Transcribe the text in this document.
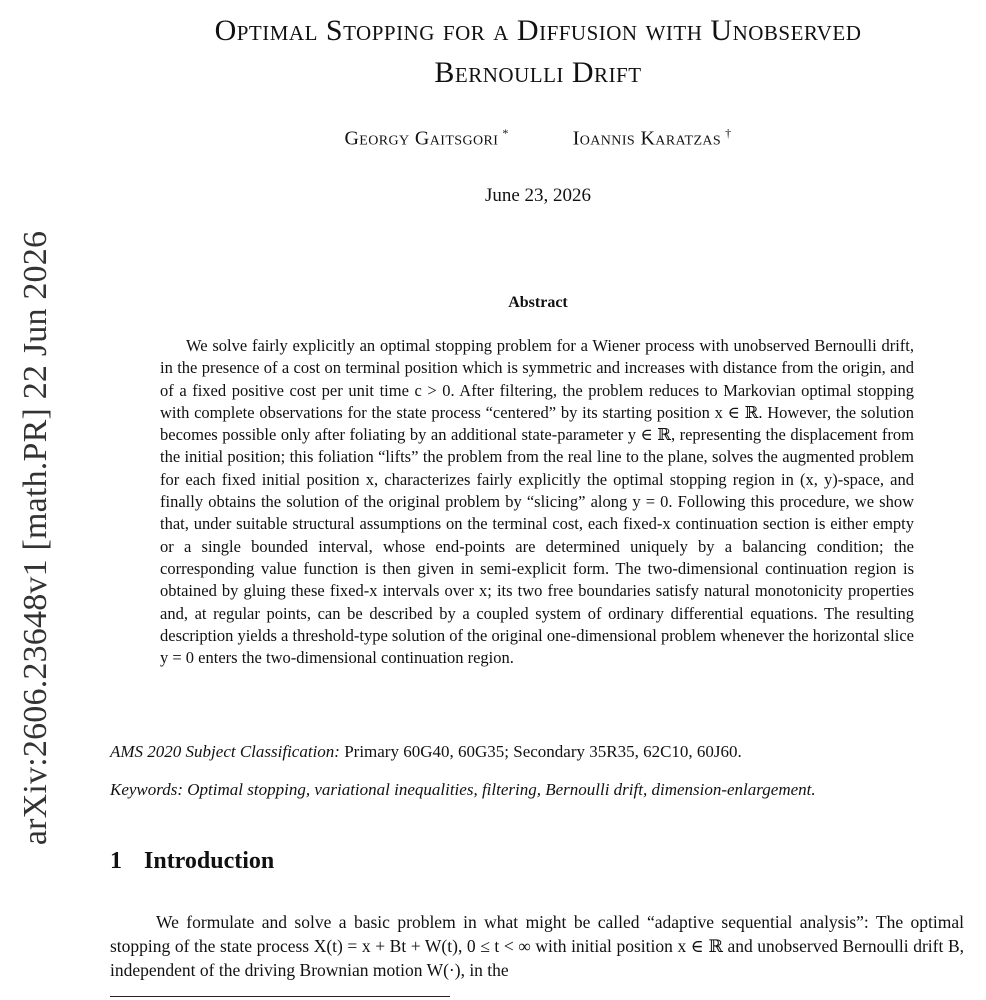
arXiv:2606.23648v1 [math.PR] 22 Jun 2026
Optimal Stopping for a Diffusion with Unobserved
Bernoulli Drift
Georgy Gaitsgori *	Ioannis Karatzas †
June 23, 2026
Abstract

We solve fairly explicitly an optimal stopping problem for a Wiener process with unobserved Bernoulli drift, in the presence of a cost on terminal position which is symmetric and increases with distance from the origin, and of a fixed positive cost per unit time c > 0. After filtering, the problem reduces to Markovian optimal stopping with complete observations for the state process “centered” by its starting position x ∈ ℝ. However, the solution becomes possible only after foliating by an additional state-parameter y ∈ ℝ, representing the displacement from the initial position; this foliation “lifts” the problem from the real line to the plane, solves the augmented problem for each fixed initial position x, characterizes fairly explicitly the optimal stopping region in (x, y)-space, and finally obtains the solution of the original problem by “slicing” along y = 0. Following this procedure, we show that, under suitable structural assumptions on the terminal cost, each fixed-x continuation section is either empty or a single bounded interval, whose end-points are determined uniquely by a balancing condition; the corresponding value function is then given in semi-explicit form. The two-dimensional continuation region is obtained by gluing these fixed-x intervals over x; its two free boundaries satisfy natural monotonicity properties and, at regular points, can be described by a coupled system of ordinary differential equations. The resulting description yields a threshold-type solution of the original one-dimensional problem whenever the horizontal slice y = 0 enters the two-dimensional continuation region.

AMS 2020 Subject Classification: Primary 60G40, 60G35; Secondary 35R35, 62C10, 60J60.
Keywords: Optimal stopping, variational inequalities, filtering, Bernoulli drift, dimension-enlargement.
1 Introduction

We formulate and solve a basic problem in what might be called “adaptive sequential analysis”: The optimal stopping of the state process X(t) = x + Bt + W(t), 0 ≤ t < ∞ with initial position x ∈ ℝ and unobserved Bernoulli drift B, independent of the driving Brownian motion W(·), in the
